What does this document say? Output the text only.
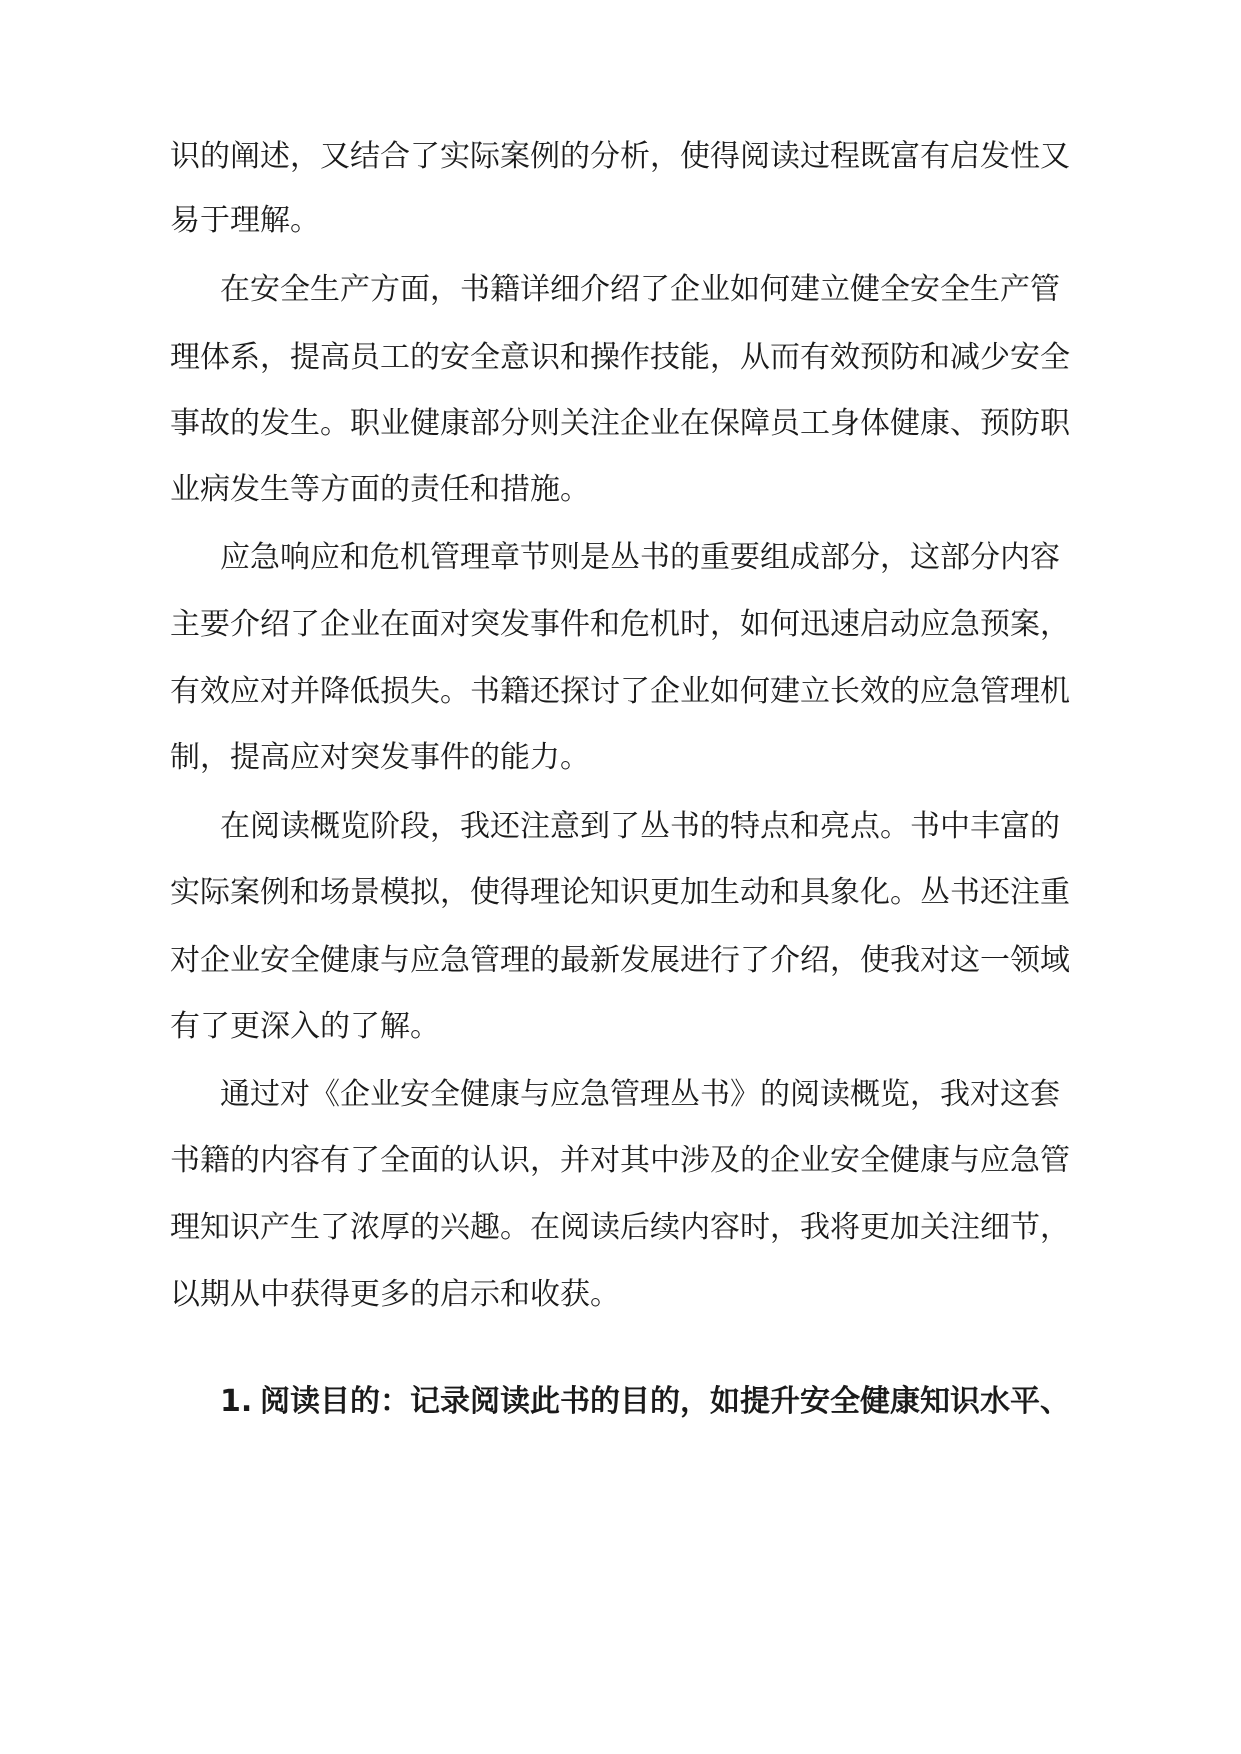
识的阐述，又结合了实际案例的分析，使得阅读过程既富有启发性又

易于理解。

在安全生产方面，书籍详细介绍了企业如何建立健全安全生产管

理体系，提高员工的安全意识和操作技能，从而有效预防和减少安全

事故的发生。职业健康部分则关注企业在保障员工身体健康、预防职

业病发生等方面的责任和措施。

应急响应和危机管理章节则是丛书的重要组成部分，这部分内容

主要介绍了企业在面对突发事件和危机时，如何迅速启动应急预案，

有效应对并降低损失。书籍还探讨了企业如何建立长效的应急管理机

制，提高应对突发事件的能力。

在阅读概览阶段，我还注意到了丛书的特点和亮点。书中丰富的

实际案例和场景模拟，使得理论知识更加生动和具象化。丛书还注重

对企业安全健康与应急管理的最新发展进行了介绍，使我对这一领域

有了更深入的了解。

通过对《企业安全健康与应急管理丛书》的阅读概览，我对这套

书籍的内容有了全面的认识，并对其中涉及的企业安全健康与应急管

理知识产生了浓厚的兴趣。在阅读后续内容时，我将更加关注细节，

以期从中获得更多的启示和收获。

1. 阅读目的：记录阅读此书的目的，如提升安全健康知识水平、
